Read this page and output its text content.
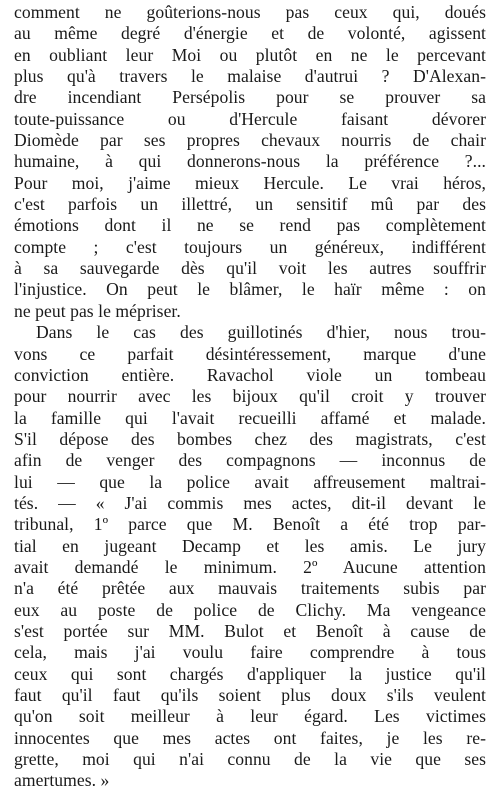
comment ne goûterions-nous pas ceux qui, doués
au même degré d'énergie et de volonté, agissent
en oubliant leur Moi ou plutôt en ne le percevant
plus qu'à travers le malaise d'autrui ? D'Alexan-
dre incendiant Persépolis pour se prouver sa
toute-puissance ou d'Hercule faisant dévorer
Diomède par ses propres chevaux nourris de chair
humaine, à qui donnerons-nous la préférence ?...
Pour moi, j'aime mieux Hercule. Le vrai héros,
c'est parfois un illettré, un sensitif mû par des
émotions dont il ne se rend pas complètement
compte ; c'est toujours un généreux, indifférent
à sa sauvegarde dès qu'il voit les autres souffrir
l'injustice. On peut le blâmer, le haïr même : on
ne peut pas le mépriser.

Dans le cas des guillotinés d'hier, nous trou-
vons ce parfait désintéressement, marque d'une
conviction entière. Ravachol viole un tombeau
pour nourrir avec les bijoux qu'il croit y trouver
la famille qui l'avait recueilli affamé et malade.
S'il dépose des bombes chez des magistrats, c'est
afin de venger des compagnons — inconnus de
lui — que la police avait affreusement maltrai-
tés. — « J'ai commis mes actes, dit-il devant le
tribunal, 1º parce que M. Benoît a été trop par-
tial en jugeant Decamp et les amis. Le jury
avait demandé le minimum. 2º Aucune attention
n'a été prêtée aux mauvais traitements subis par
eux au poste de police de Clichy. Ma vengeance
s'est portée sur MM. Bulot et Benoît à cause de
cela, mais j'ai voulu faire comprendre à tous
ceux qui sont chargés d'appliquer la justice qu'il
faut qu'il faut qu'ils soient plus doux s'ils veulent
qu'on soit meilleur à leur égard. Les victimes
innocentes que mes actes ont faites, je les re-
grette, moi qui n'ai connu de la vie que ses
amertumes. »
